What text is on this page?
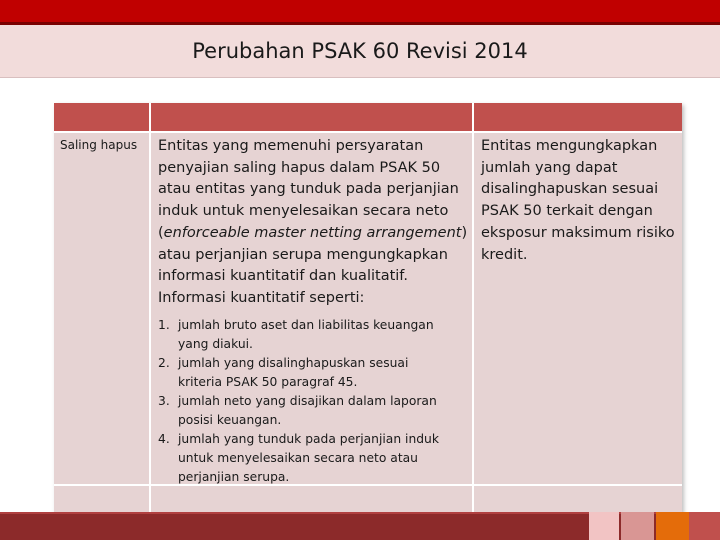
Perubahan PSAK 60 Revisi 2014
Saling hapus Entitas yang memenuhi persyaratan
penyajian saling hapus dalam PSAK 50
atau entitas yang tunduk pada perjanjian
induk untuk menyelesaikan secara neto
(enforceable master netting arrangement)
atau perjanjian serupa mengungkapkan
informasi kuantitatif dan kualitatif.
Informasi kuantitatif seperti:
1. jumlah bruto aset dan liabilitas keuangan
yang diakui.
2. jumlah yang disalinghapuskan sesuai
kriteria PSAK 50 paragraf 45.
3. jumlah neto yang disajikan dalam laporan
posisi keuangan.
4. jumlah yang tunduk pada perjanjian induk
untuk menyelesaikan secara neto atau
perjanjian serupa.
Entitas mengungkapkan
jumlah yang dapat
disalinghapuskan sesuai
PSAK 50 terkait dengan
eksposur maksimum risiko
kredit.
